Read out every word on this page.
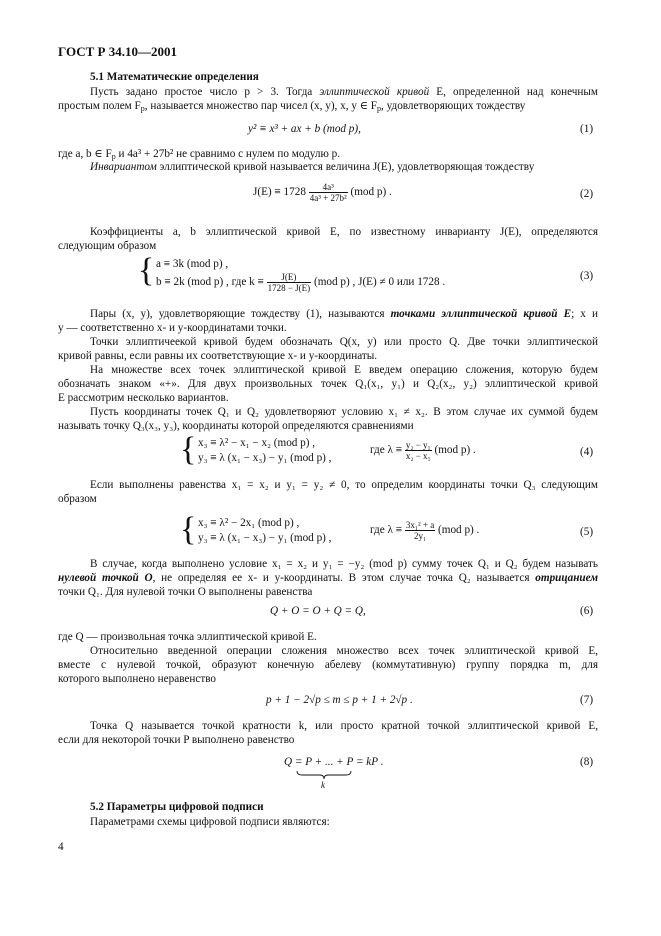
ГОСТ Р 34.10—2001
5.1 Математические определения
Пусть задано простое число p > 3. Тогда эллиптической кривой E, определенной над конечным
простым полем $F_p$, называется множество пар чисел (x, y), x, y ∈ $F_p$, удовлетворяющих тождеству
y² ≡ x³ + ax + b (mod p),	(1)
где a, b ∈ $F_p$ и 4a³ + 27b² не сравнимо с нулем по модулю p.
Инвариантом эллиптической кривой называется величина J(E), удовлетворяющая тождеству
$J(E) \equiv 1728 \frac{\text{4a³}}{\text{4a³ + 27b²}} (mod$ p) .	(2)
Коэффициенты a, b эллиптической кривой E, по известному инварианту J(E), определяются
следующим образом
{ a ≡ 3k (mod p) ,
b ≡ 2k (mod p) , где $k \equiv \frac{J(E)}{1728 - J(E)} (mod$ p) , J(E) ≠ 0 или 1728 .
(3)
Пары (x, y), удовлетворяющие тождеству (1), называются точками эллиптической кривой E; x и
y — соответственно x- и y-координатами точки.
Точки эллиптичеекой кривой будем обозначать Q(x, y) или просто Q. Две точки эллиптической
кривой равны, если равны их соответствующие x- и y-координаты.
На множестве всех точек эллиптической кривой E введем операцию сложения, которую будем
обозначать знаком «+». Для двух произвольных точек Q₁(x₁, y₁) и Q₂(x₂, y₂) эллиптической кривой
E рассмотрим несколько вариантов.
Пусть координаты точек Q₁ и Q₂ удовлетворяют условию x₁ ≠ x₂. В этом случае их суммой будем
называть точку Q₃(x₃, y₃), координаты которой определяются сравнениями
{ x₃ ≡ λ² − x₁ − x₂ (mod p) ,
y₃ ≡ λ (x₁ − x₃) − y₁ (mod p) ,
где $\lambda \equiv \frac{\text{y₂ − y₁}}{\text{x₂ − x₁}} (mod$ p) .	(4)
Если выполнены равенства x₁ = x₂ и y₁ = y₂ ≠ 0, то определим координаты точки Q₃ следующим
образом
{ x₃ ≡ λ² − 2x₁ (mod p) ,
y₃ ≡ λ (x₁ − x₃) − y₁ (mod p) ,
где $\lambda \equiv \frac{\text{3x₁² + a}}{\text{2y₁}} (mod$ p) .	(5)
В случае, когда выполнено условие x₁ = x₂ и y₁ = −y₂ (mod p) сумму точек Q₁ и Q₂ будем называть
нулевой точкой O, не определяя ее x- и y-координаты. В этом случае точка Q₂ называется отрицанием
точки Q₁. Для нулевой точки O выполнены равенства
Q + O = O + Q = Q,	(6)
где Q — произвольная точка эллиптической кривой E.
Относительно введенной операции сложения множество всех точек эллиптической кривой E,
вместе с нулевой точкой, образуют конечную абелеву (коммутативную) группу порядка m, для
которого выполнено неравенство
p + 1 − 2√p ≤ m ≤ p + 1 + 2√p .	(7)
Точка Q называется точкой кратности k, или просто кратной точкой эллиптической кривой E,
если для некоторой точки P выполнено равенство
Q = P + ... + P = kP .
k
(8)
5.2 Параметры цифровой подписи
Параметрами схемы цифровой подписи являются:
4
